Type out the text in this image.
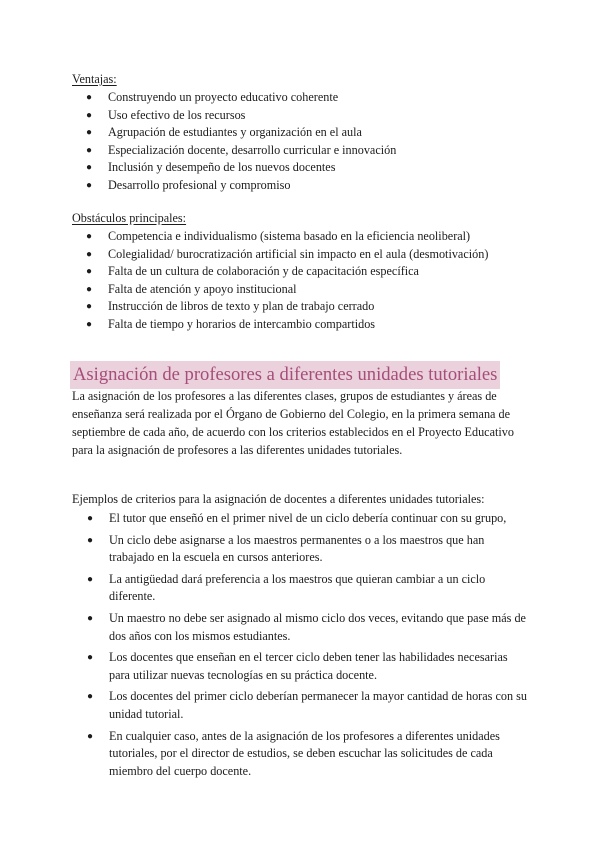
Ventajas:
● Construyendo un proyecto educativo coherente
● Uso efectivo de los recursos
● Agrupación de estudiantes y organización en el aula
● Especialización docente, desarrollo curricular e innovación
● Inclusión y desempeño de los nuevos docentes
● Desarrollo profesional y compromiso
Obstáculos principales:
● Competencia e individualismo (sistema basado en la eficiencia neoliberal)
● Colegialidad/ burocratización artificial sin impacto en el aula (desmotivación)
● Falta de un cultura de colaboración y de capacitación específica
● Falta de atención y apoyo institucional
● Instrucción de libros de texto y plan de trabajo cerrado
● Falta de tiempo y horarios de intercambio compartidos
Asignación de profesores a diferentes unidades tutoriales

La asignación de los profesores a las diferentes clases, grupos de estudiantes y áreas de enseñanza será realizada por el Órgano de Gobierno del Colegio, en la primera semana de septiembre de cada año, de acuerdo con los criterios establecidos en el Proyecto Educativo para la asignación de profesores a las diferentes unidades tutoriales.

Ejemplos de criterios para la asignación de docentes a diferentes unidades tutoriales:

● El tutor que enseñó en el primer nivel de un ciclo debería continuar con su grupo,
● Un ciclo debe asignarse a los maestros permanentes o a los maestros que han trabajado en la escuela en cursos anteriores.
● La antigüedad dará preferencia a los maestros que quieran cambiar a un ciclo diferente.
● Un maestro no debe ser asignado al mismo ciclo dos veces, evitando que pase más de dos años con los mismos estudiantes.
● Los docentes que enseñan en el tercer ciclo deben tener las habilidades necesarias para utilizar nuevas tecnologías en su práctica docente.
● Los docentes del primer ciclo deberían permanecer la mayor cantidad de horas con su unidad tutorial.
● En cualquier caso, antes de la asignación de los profesores a diferentes unidades tutoriales, por el director de estudios, se deben escuchar las solicitudes de cada miembro del cuerpo docente.
